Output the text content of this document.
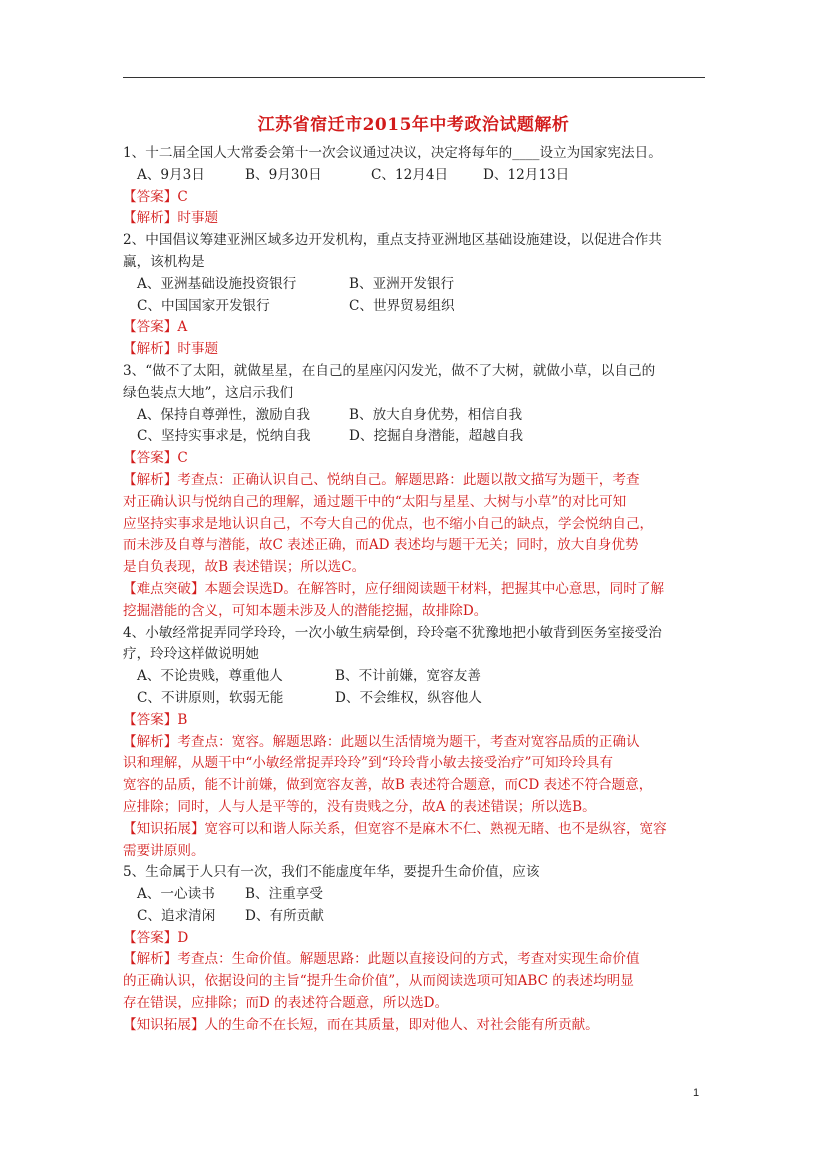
江苏省宿迁市2015年中考政治试题解析
1、十二届全国人大常委会第十一次会议通过决议，决定将每年的____设立为国家宪法日。
A、9月3日	B、9月30日	C、12月4日	D、12月13日
【答案】C
【解析】时事题
2、中国倡议筹建亚洲区域多边开发机构，重点支持亚洲地区基础设施建设，以促进合作共
赢，该机构是
A、亚洲基础设施投资银行	B、亚洲开发银行
C、中国国家开发银行	C、世界贸易组织
【答案】A
【解析】时事题
3、“做不了太阳，就做星星，在自己的星座闪闪发光，做不了大树，就做小草，以自己的
绿色装点大地”，这启示我们
A、保持自尊弹性，激励自我	B、放大自身优势，相信自我
C、坚持实事求是，悦纳自我	D、挖掘自身潜能，超越自我
【答案】C
【解析】考查点：正确认识自己、悦纳自己。解题思路：此题以散文描写为题干，考查
对正确认识与悦纳自己的理解，通过题干中的“太阳与星星、大树与小草”的对比可知
应坚持实事求是地认识自己，不夸大自己的优点，也不缩小自己的缺点，学会悦纳自己，
而未涉及自尊与潜能，故C 表述正确，而AD 表述均与题干无关；同时，放大自身优势
是自负表现，故B 表述错误；所以选C。
【难点突破】本题会误选D。在解答时，应仔细阅读题干材料，把握其中心意思，同时了解
挖掘潜能的含义，可知本题未涉及人的潜能挖掘，故排除D。
4、小敏经常捉弄同学玲玲，一次小敏生病晕倒，玲玲毫不犹豫地把小敏背到医务室接受治
疗，玲玲这样做说明她
A、不论贵贱，尊重他人	B、不计前嫌，宽容友善
C、不讲原则，软弱无能	D、不会维权，纵容他人
【答案】B
【解析】考查点：宽容。解题思路：此题以生活情境为题干，考查对宽容品质的正确认
识和理解，从题干中“小敏经常捉弄玲玲”到“玲玲背小敏去接受治疗”可知玲玲具有
宽容的品质，能不计前嫌，做到宽容友善，故B 表述符合题意，而CD 表述不符合题意，
应排除；同时，人与人是平等的，没有贵贱之分，故A 的表述错误；所以选B。
【知识拓展】宽容可以和谐人际关系，但宽容不是麻木不仁、熟视无睹、也不是纵容，宽容
需要讲原则。
5、生命属于人只有一次，我们不能虚度年华，要提升生命价值，应该
A、一心读书 B、注重享受
C、追求清闲 D、有所贡献
【答案】D
【解析】考查点：生命价值。解题思路：此题以直接设问的方式，考查对实现生命价值
的正确认识，依据设问的主旨“提升生命价值”，从而阅读选项可知ABC 的表述均明显
存在错误，应排除；而D 的表述符合题意，所以选D。
【知识拓展】人的生命不在长短，而在其质量，即对他人、对社会能有所贡献。
1
